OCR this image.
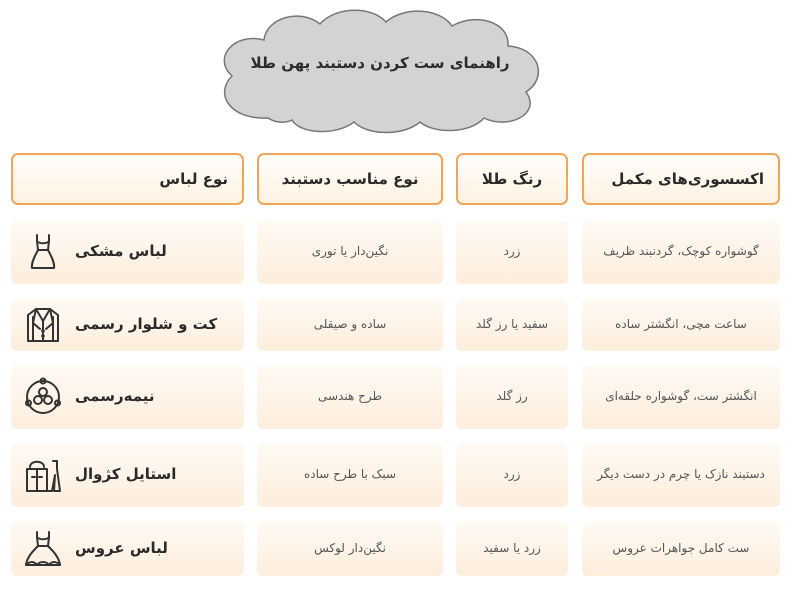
راهنمای ست کردن دستبند پهن طلا
اکسسوری‌های مکمل
رنگ طلا
نوع مناسب دستبند
نوع لباس
گوشواره کوچک، گردنبند ظریف
زرد
نگین‌دار یا توری
لباس مشکی
ساعت مچی، انگشتر ساده
سفید یا رز گلد
ساده و صیقلی
کت و شلوار رسمی
انگشتر ست، گوشواره حلقه‌ای
رز گلد
طرح هندسی
نیمه‌رسمی
دستبند نازک یا چرم در دست دیگر
زرد
سبک با طرح ساده
استایل کژوال
ست کامل جواهرات عروس
زرد یا سفید
نگین‌دار لوکس
لباس عروس
